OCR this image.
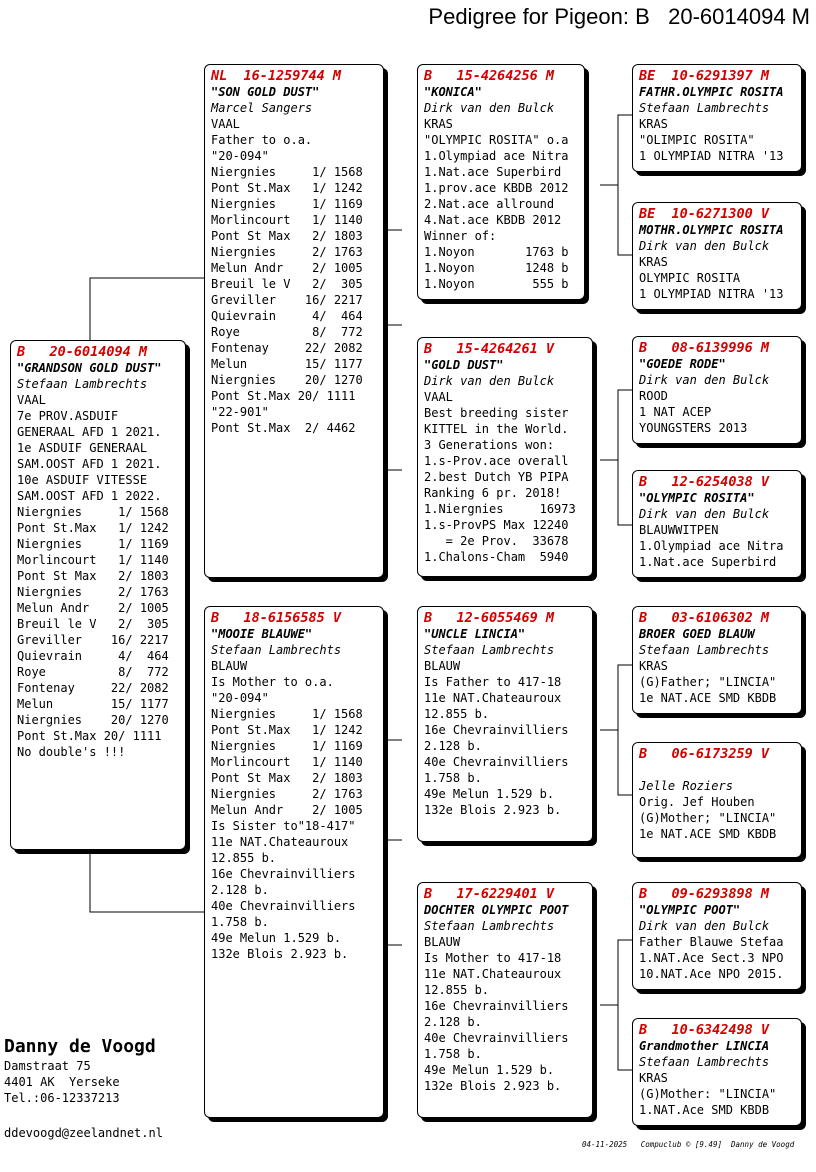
Pedigree for Pigeon: B   20-6014094 M
B   20-6014094 M
"GRANDSON GOLD DUST"
Stefaan Lambrechts
VAAL
7e PROV.ASDUIF
GENERAAL AFD 1 2021.
1e ASDUIF GENERAAL
SAM.OOST AFD 1 2021.
10e ASDUIF VITESSE
SAM.OOST AFD 1 2022.
Niergnies     1/ 1568
Pont St.Max   1/ 1242
Niergnies     1/ 1169
Morlincourt   1/ 1140
Pont St Max   2/ 1803
Niergnies     2/ 1763
Melun Andr    2/ 1005
Breuil le V   2/  305
Greviller    16/ 2217
Quievrain     4/  464
Roye          8/  772
Fontenay     22/ 2082
Melun        15/ 1177
Niergnies    20/ 1270
Pont St.Max 20/ 1111
No double's !!!
NL  16-1259744 M
"SON GOLD DUST"
Marcel Sangers
VAAL
Father to o.a.
"20-094"
Niergnies     1/ 1568
Pont St.Max   1/ 1242
Niergnies     1/ 1169
Morlincourt   1/ 1140
Pont St Max   2/ 1803
Niergnies     2/ 1763
Melun Andr    2/ 1005
Breuil le V   2/  305
Greviller    16/ 2217
Quievrain     4/  464
Roye          8/  772
Fontenay     22/ 2082
Melun        15/ 1177
Niergnies    20/ 1270
Pont St.Max 20/ 1111
"22-901"
Pont St.Max  2/ 4462
B   18-6156585 V
"MOOIE BLAUWE"
Stefaan Lambrechts
BLAUW
Is Mother to o.a.
"20-094"
Niergnies     1/ 1568
Pont St.Max   1/ 1242
Niergnies     1/ 1169
Morlincourt   1/ 1140
Pont St Max   2/ 1803
Niergnies     2/ 1763
Melun Andr    2/ 1005
Is Sister to"18-417"
11e NAT.Chateauroux
12.855 b.
16e Chevrainvilliers
2.128 b.
40e Chevrainvilliers
1.758 b.
49e Melun 1.529 b.
132e Blois 2.923 b.
B   15-4264256 M
"KONICA"
Dirk van den Bulck
KRAS
"OLYMPIC ROSITA" o.a
1.Olympiad ace Nitra
1.Nat.ace Superbird
1.prov.ace KBDB 2012
2.Nat.ace allround
4.Nat.ace KBDB 2012
Winner of:
1.Noyon       1763 b
1.Noyon       1248 b
1.Noyon        555 b
B   15-4264261 V
"GOLD DUST"
Dirk van den Bulck
VAAL
Best breeding sister
KITTEL in the World.
3 Generations won:
1.s-Prov.ace overall
2.best Dutch YB PIPA
Ranking 6 pr. 2018!
1.Niergnies     16973
1.s-ProvPS Max 12240
= 2e Prov.  33678
1.Chalons-Cham  5940
B   12-6055469 M
"UNCLE LINCIA"
Stefaan Lambrechts
BLAUW
Is Father to 417-18
11e NAT.Chateauroux
12.855 b.
16e Chevrainvilliers
2.128 b.
40e Chevrainvilliers
1.758 b.
49e Melun 1.529 b.
132e Blois 2.923 b.
B   17-6229401 V
DOCHTER OLYMPIC POOT
Stefaan Lambrechts
BLAUW
Is Mother to 417-18
11e NAT.Chateauroux
12.855 b.
16e Chevrainvilliers
2.128 b.
40e Chevrainvilliers
1.758 b.
49e Melun 1.529 b.
132e Blois 2.923 b.
BE  10-6291397 M
FATHR.OLYMPIC ROSITA
Stefaan Lambrechts
KRAS
"OLIMPIC ROSITA"
1 OLYMPIAD NITRA '13
BE  10-6271300 V
MOTHR.OLYMPIC ROSITA
Dirk van den Bulck
KRAS
OLYMPIC ROSITA
1 OLYMPIAD NITRA '13
B   08-6139996 M
"GOEDE RODE"
Dirk van den Bulck
ROOD
1 NAT ACEP
YOUNGSTERS 2013
B   12-6254038 V
"OLYMPIC ROSITA"
Dirk van den Bulck
BLAUWWITPEN
1.Olympiad ace Nitra
1.Nat.ace Superbird
B   03-6106302 M
BROER GOED BLAUW
Stefaan Lambrechts
KRAS
(G)Father; "LINCIA"
1e NAT.ACE SMD KBDB
B   06-6173259 V

Jelle Roziers
Orig. Jef Houben
(G)Mother; "LINCIA"
1e NAT.ACE SMD KBDB
B   09-6293898 M
"OLYMPIC POOT"
Dirk van den Bulck
Father Blauwe Stefaa
1.NAT.Ace Sect.3 NPO
10.NAT.Ace NPO 2015.
B   10-6342498 V
Grandmother LINCIA
Stefaan Lambrechts
KRAS
(G)Mother: "LINCIA"
1.NAT.Ace SMD KBDB
Danny de Voogd
Damstraat 75
4401 AK  Yerseke
Tel.:06-12337213
ddevoogd@zeelandnet.nl
04-11-2025   Compuclub © [9.49]  Danny de Voogd
